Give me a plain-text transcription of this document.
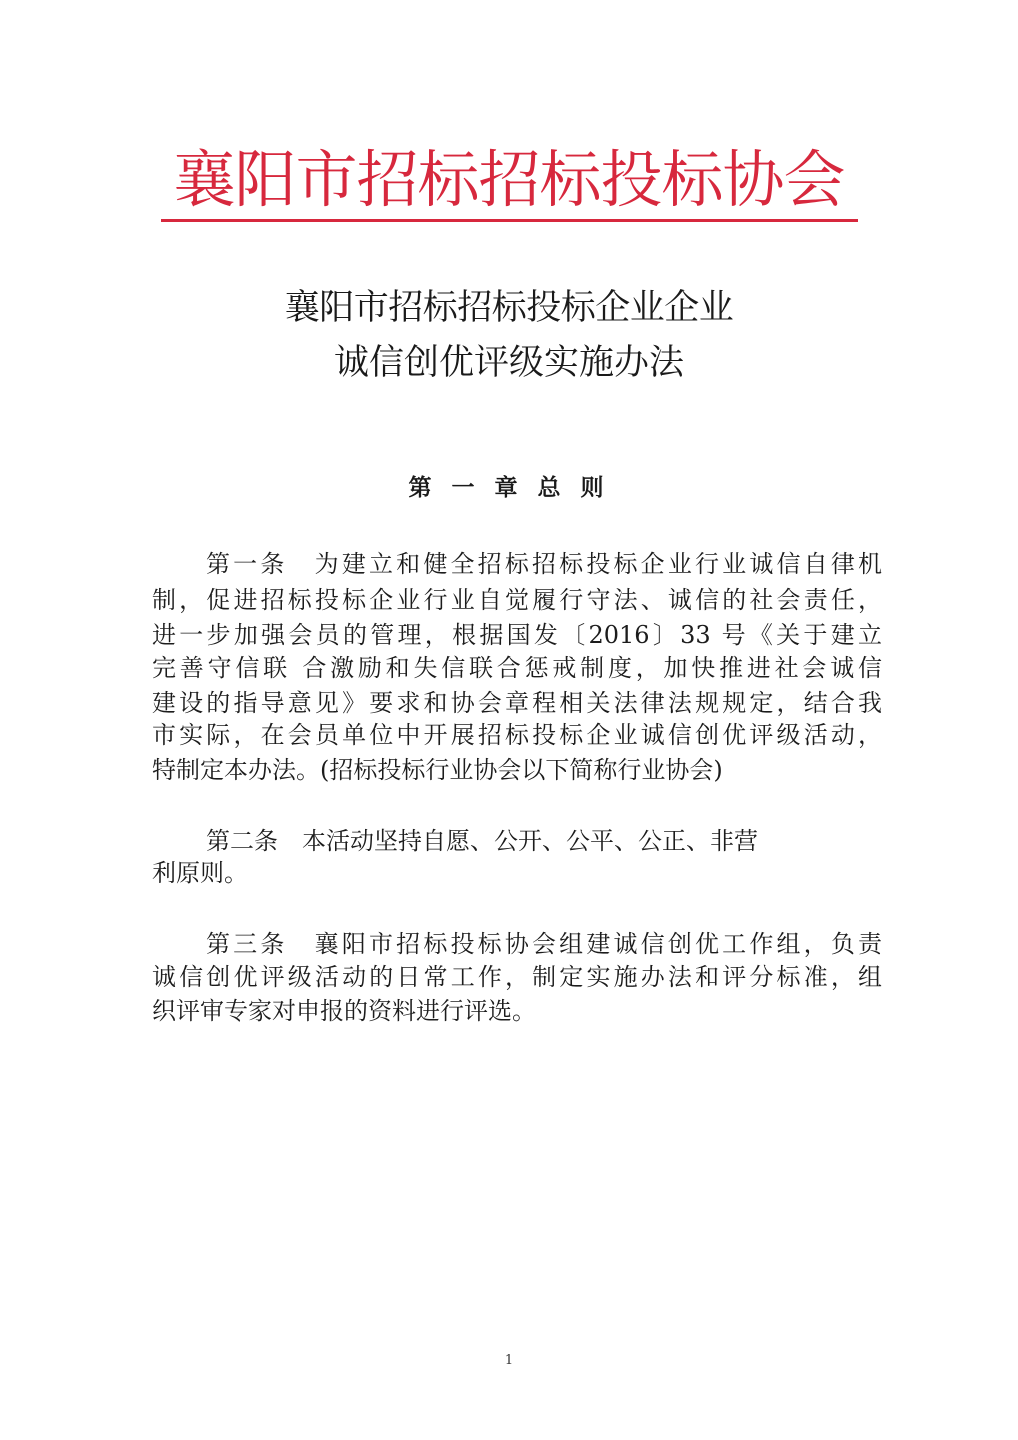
襄阳市招标招标投标协会
襄阳市招标招标投标企业企业
诚信创优评级实施办法
第 一 章 总 则
第一条　为建立和健全招标招标投标企业行业诚信自律机
制，促进招标投标企业行业自觉履行守法、诚信的社会责任，
进一步加强会员的管理，根据国发〔2016〕33 号《关于建立
完善守信联 合激励和失信联合惩戒制度，加快推进社会诚信
建设的指导意见》要求和协会章程相关法律法规规定，结合我
市实际，在会员单位中开展招标投标企业诚信创优评级活动，
特制定本办法。(招标投标行业协会以下简称行业协会)
第二条　本活动坚持自愿、公开、公平、公正、非营
利原则。
第三条　襄阳市招标投标协会组建诚信创优工作组，负责
诚信创优评级活动的日常工作，制定实施办法和评分标准，组
织评审专家对申报的资料进行评选。
1
